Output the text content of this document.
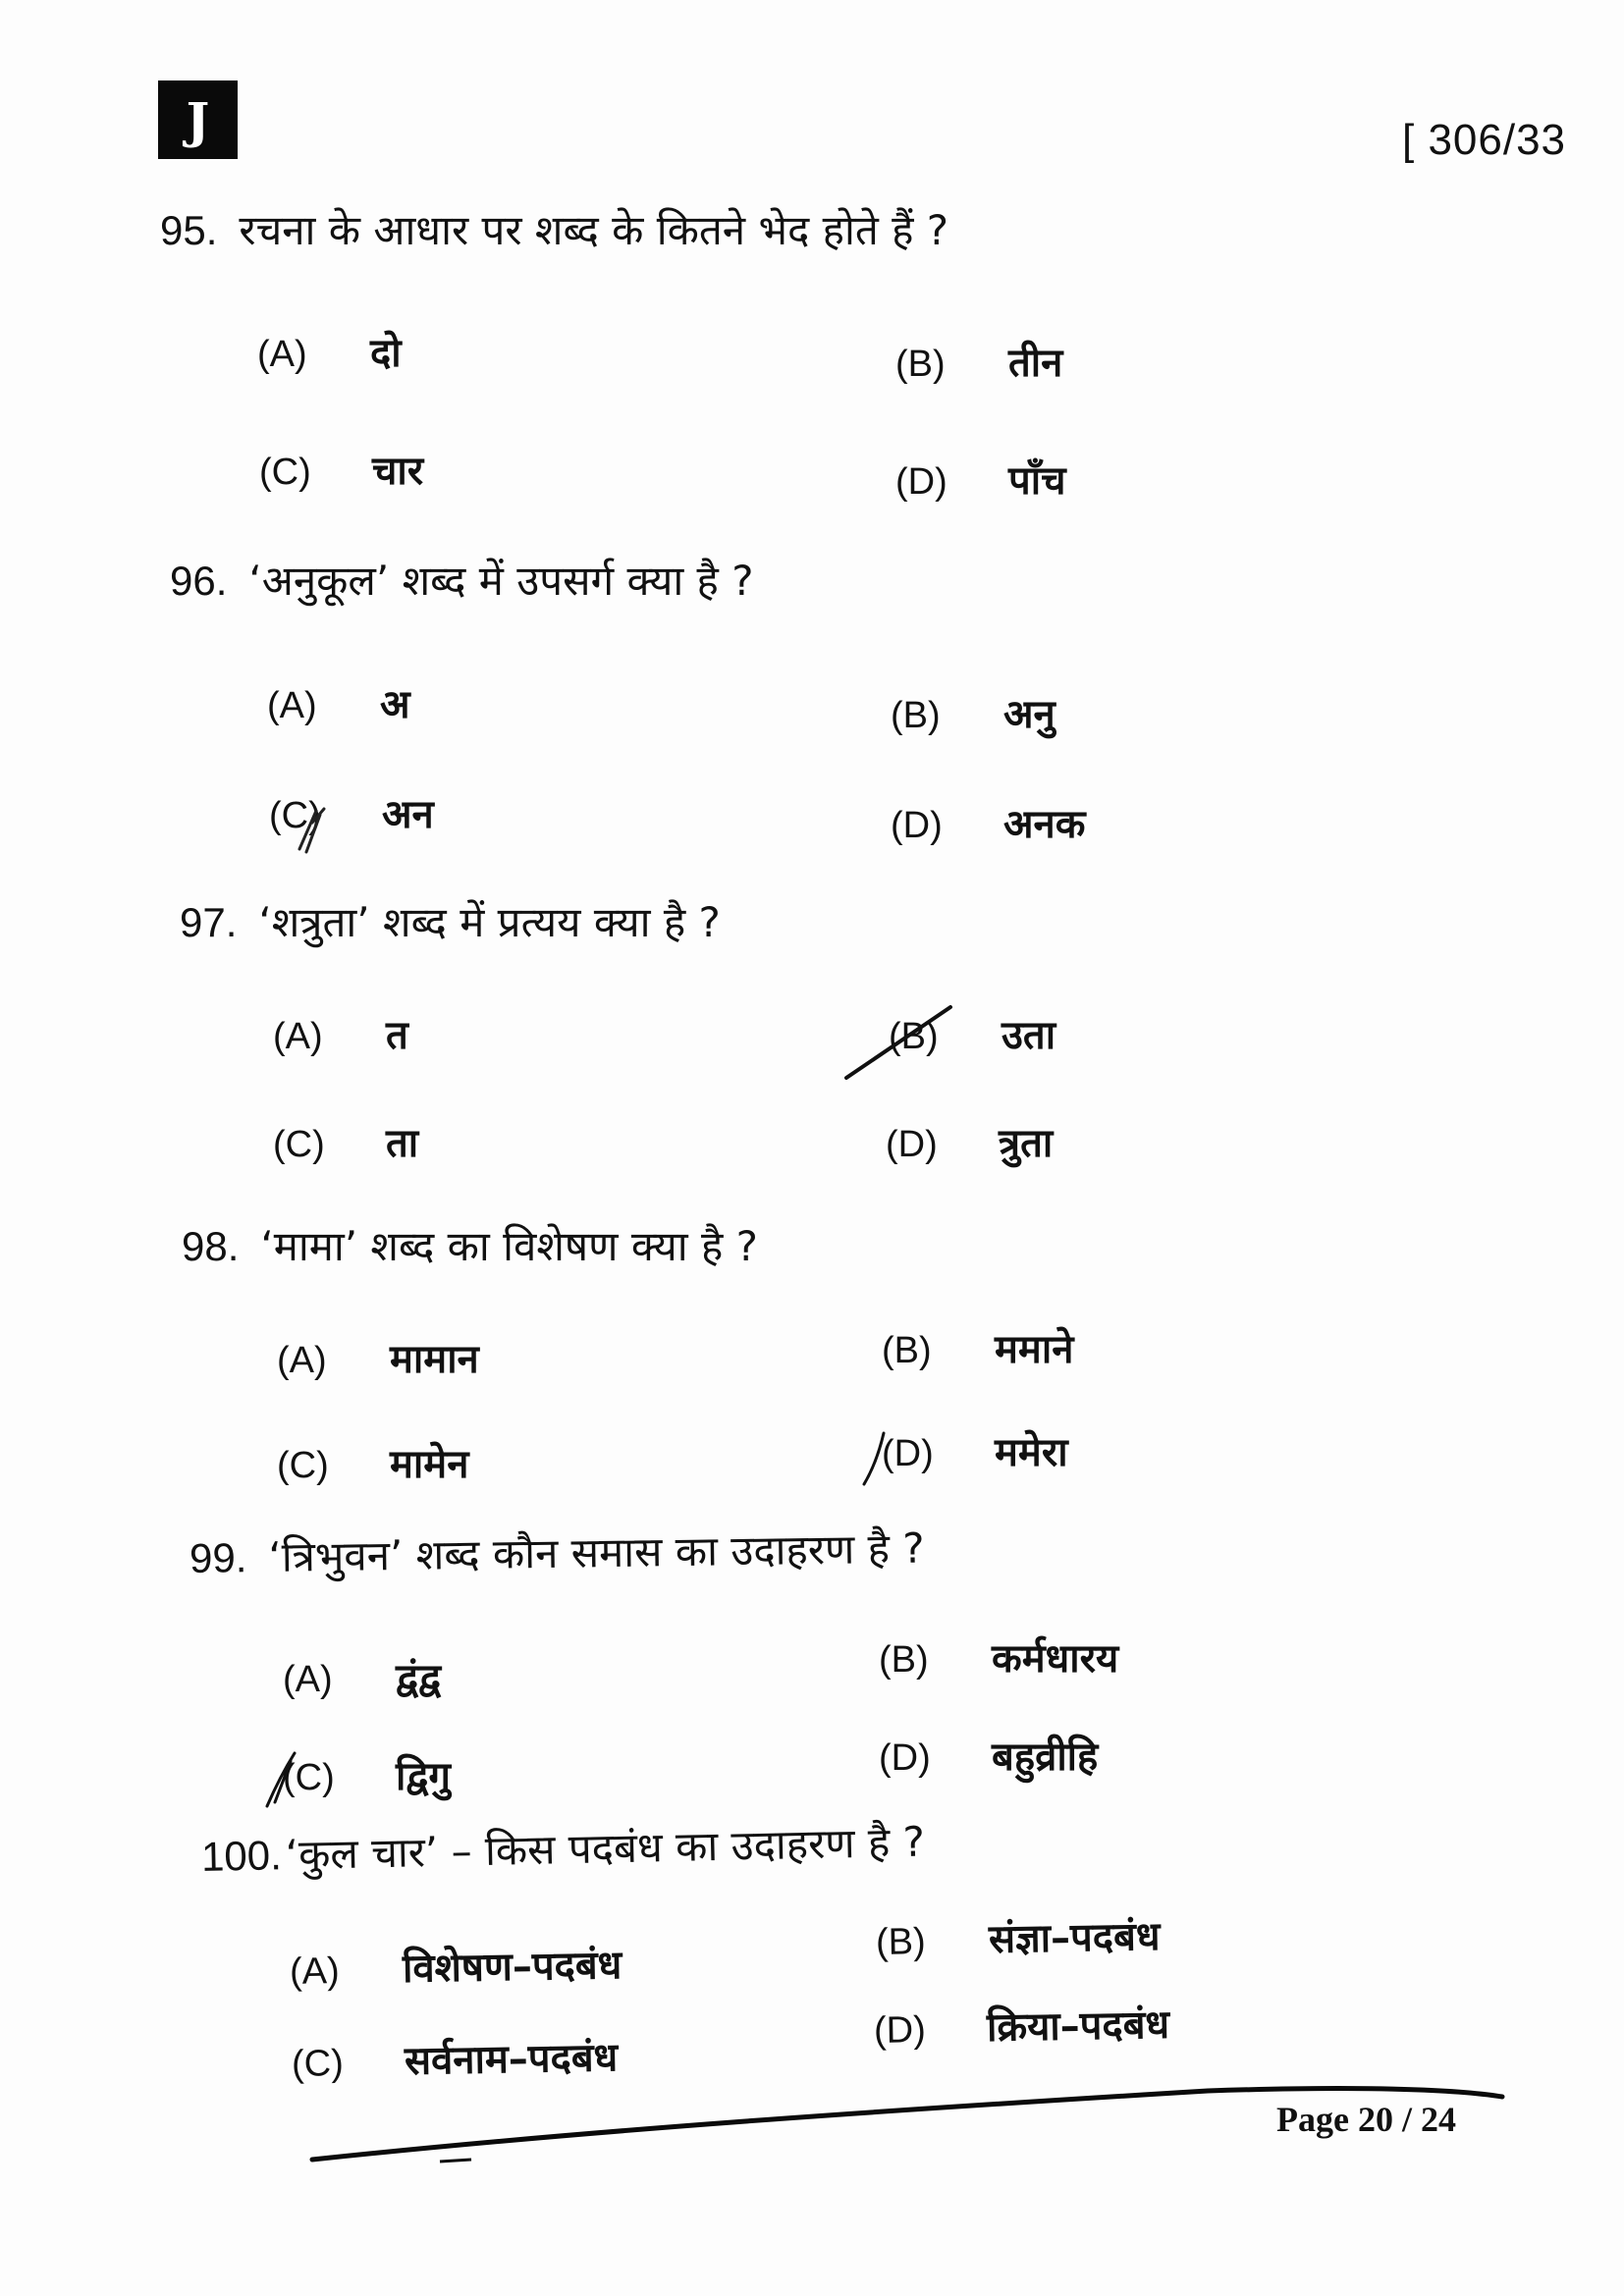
J	[ 306/33
95. रचना के आधार पर शब्द के कितने भेद होते हैं ?
(A) दो	(B) तीन
(C) चार	(D) पाँच
96. ‘अनुकूल’ शब्द में उपसर्ग क्या है ?
(A) अ	(B) अनु
(C) अन	(D) अनक
97. ‘शत्रुता’ शब्द में प्रत्यय क्या है ?
(A) त	(B) उता
(C) ता	(D) त्रुता
98. ‘मामा’ शब्द का विशेषण क्या है ?
(A) मामान	(B) ममाने
(C) मामेन	(D) ममेरा
99. ‘त्रिभुवन’ शब्द कौन समास का उदाहरण है ?
(A) द्वंद्व	(B) कर्मधारय
(C) द्विगु	(D) बहुव्रीहि
100.‘कुल चार’ – किस पदबंध का उदाहरण है ?
(A) विशेषण–पदबंध
(B) संज्ञा–पदबंध
(C) सर्वनाम–पदबंध
(D) क्रिया–पदबंध
Page 20 / 24
